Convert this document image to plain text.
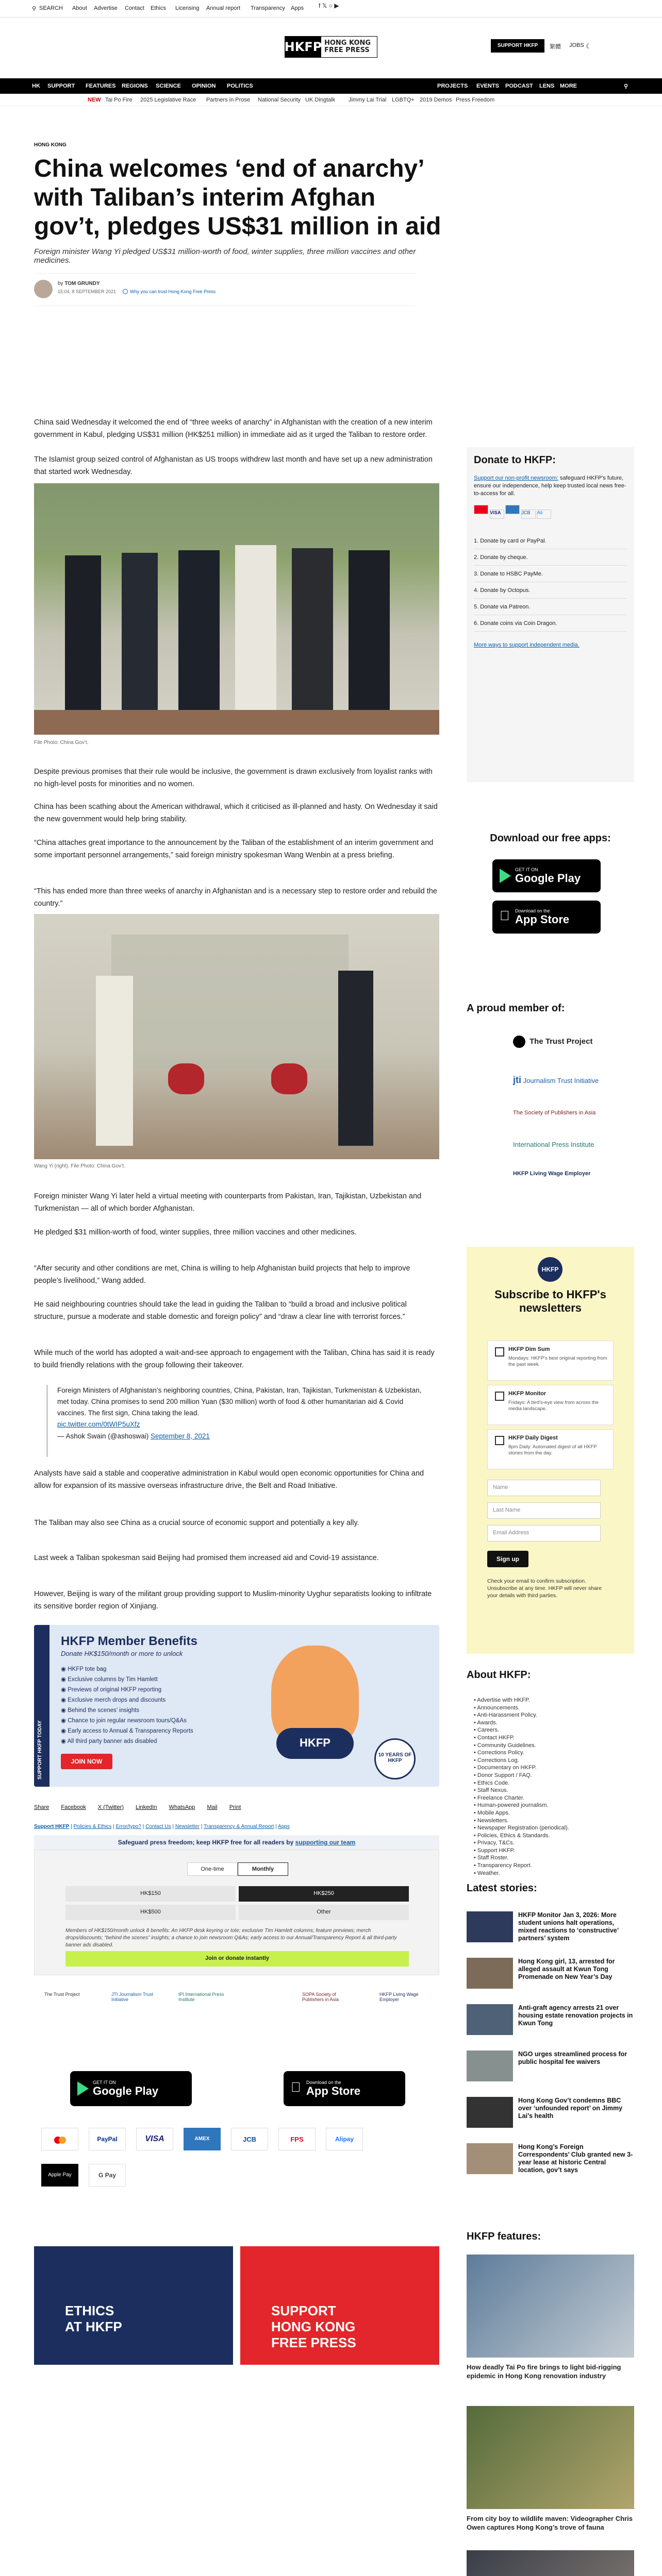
⚲ SEARCH About Advertise Contact Ethics Licensing Annual report Transparency Apps f 𝕏 ○ ▶
HKFP HONG KONG
FREE PRESS
SUPPORT HKFP	繁體 JOBS ☾
HK SUPPORT FEATURES REGIONS SCIENCE OPINION POLITICS	PROJECTS EVENTS PODCAST LENS MORE	⚲
NEW Tai Po Fire 2025 Legislative Race Partners in Prose National Security UK Dingtalk Jimmy Lai Trial LGBTQ+ 2019 Demos Press Freedom
HONG KONG
China welcomes ‘end of anarchy’ with Taliban’s interim Afghan gov’t, pledges US$31 million in aid

Foreign minister Wang Yi pledged US$31 million-worth of food, winter supplies, three million vaccines and other medicines.

by TOM GRUNDY
15:04, 8 SEPTEMBER 2021	Why you can trust Hong Kong Free Press

China said Wednesday it welcomed the end of “three weeks of anarchy” in Afghanistan with the creation of a new interim government in Kabul, pledging US$31 million (HK$251 million) in immediate aid as it urged the Taliban to restore order.

The Islamist group seized control of Afghanistan as US troops withdrew last month and have set up a new administration that started work Wednesday.

File Photo: China Gov’t.

Despite previous promises that their rule would be inclusive, the government is drawn exclusively from loyalist ranks with no high-level posts for minorities and no women.

China has been scathing about the American withdrawal, which it criticised as ill-planned and hasty. On Wednesday it said the new government would help bring stability.

“China attaches great importance to the announcement by the Taliban of the establishment of an interim government and some important personnel arrangements,” said foreign ministry spokesman Wang Wenbin at a press briefing.

“This has ended more than three weeks of anarchy in Afghanistan and is a necessary step to restore order and rebuild the country.”

Wang Yi (right). File Photo: China Gov’t.

Foreign minister Wang Yi later held a virtual meeting with counterparts from Pakistan, Iran, Tajikistan, Uzbekistan and Turkmenistan — all of which border Afghanistan.

He pledged $31 million-worth of food, winter supplies, three million vaccines and other medicines.

“After security and other conditions are met, China is willing to help Afghanistan build projects that help to improve people’s livelihood,” Wang added.

He said neighbouring countries should take the lead in guiding the Taliban to “build a broad and inclusive political structure, pursue a moderate and stable domestic and foreign policy” and “draw a clear line with terrorist forces.”

While much of the world has adopted a wait-and-see approach to engagement with the Taliban, China has said it is ready to build friendly relations with the group following their takeover.

Foreign Ministers of Afghanistan’s neighboring countries, China, Pakistan, Iran, Tajikistan, Turkmenistan & Uzbekistan, met today. China promises to send 200 million Yuan ($30 million) worth of food & other humanitarian aid & Covid vaccines. The first sign, China taking the lead.

pic.twitter.com/0tWIP5uXfz

— Ashok Swain (@ashoswai) September 8, 2021

Analysts have said a stable and cooperative administration in Kabul would open economic opportunities for China and allow for expansion of its massive overseas infrastructure drive, the Belt and Road Initiative.

The Taliban may also see China as a crucial source of economic support and potentially a key ally.

Last week a Taliban spokesman said Beijing had promised them increased aid and Covid-19 assistance.

However, Beijing is wary of the militant group providing support to Muslim-minority Uyghur separatists looking to infiltrate its sensitive border region of Xinjiang.

SUPPORT HKFP TODAY
HKFP Member Benefits
Donate HK$150/month or more to unlock
◉ HKFP tote bag
◉ Exclusive columns by Tim Hamlett
◉ Previews of original HKFP reporting
◉ Exclusive merch drops and discounts
◉ Behind the scenes’ insights
◉ Chance to join regular newsroom tours/Q&As
◉ Early access to Annual & Transparency Reports
◉ All third party banner ads disabled
JOIN NOW
HKFP
10 YEARS OF HKFP
Share Facebook X (Twitter) LinkedIn WhatsApp Mail Print
Support HKFP | Policies & Ethics | Error/typo? | Contact Us | Newsletter | Transparency & Annual Report | Apps
Safeguard press freedom; keep HKFP free for all readers by supporting our team
One-time	Monthly
HK$150	HK$250
HK$500	Other
Members of HK$150/month unlock 8 benefits: An HKFP desk keyring or tote; exclusive Tim Hamlett columns; feature previews; merch drops/discounts; “behind the scenes” insights; a chance to join newsroom Q&As; early access to our Annual/Transparency Report & all third-party banner ads disabled.
Join or donate instantly
The Trust Project	JTI Journalism Trust Initiative
IPI International Press Institute
SOPA Society of Publishers in Asia
HKFP Living Wage Employer
GET IT ON
Google Play
Download on the
App Store
PayPal	VISA	AMEX	JCB	FPS	Alipay
Apple Pay	G Pay
ETHICS
AT HKFP
SUPPORT
HONG KONG
FREE PRESS
Donate to HKFP:
Support our non-profit newsroom: safeguard HKFP's future, ensure our independence, help keep trusted local news free-to-access for all.
VISA	JCB Ali
1. Donate by card or PayPal.
2. Donate by cheque.
3. Donate to HSBC PayMe.
4. Donate by Octopus.
5. Donate via Patreon.
6. Donate coins via Coin Dragon.
More ways to support independent media.
Download our free apps:
GET IT ON
Google Play
Download on the
App Store
A proud member of:
The Trust Project
jti Journalism Trust Initiative
The Society of Publishers in Asia
International Press Institute
HKFP Living Wage Employer
HKFP
Subscribe to HKFP's newsletters
HKFP Dim Sum
Mondays: HKFP's best original reporting from the past week.
HKFP Monitor
Fridays: A bird's-eye view from across the media landscape.
HKFP Daily Digest
8pm Daily: Automated digest of all HKFP stories from the day.
Name
Last Name
Email Address
Sign up
Check your email to confirm subscription. Unsubscribe at any time. HKFP will never share your details with third parties.
About HKFP:
• Advertise with HKFP.
• Announcements.
• Anti-Harassment Policy.
• Awards.
• Careers.
• Contact HKFP.
• Community Guidelines.
• Corrections Policy.
• Corrections Log.
• Documentary on HKFP.
• Donor Support / FAQ.
• Ethics Code.
• Staff Nexus.
• Freelance Charter.
• Human-powered journalism.
• Mobile Apps.
• Newsletters.
• Newspaper Registration (periodical).
• Policies, Ethics & Standards.
• Privacy, T&Cs.
• Support HKFP.
• Staff Roster.
• Transparency Report.
• Weather.
Latest stories:
HKFP Monitor Jan 3, 2026: More student unions halt operations, mixed reactions to ‘constructive’ partners’ system
Hong Kong girl, 13, arrested for alleged assault at Kwun Tong Promenade on New Year’s Day
Anti-graft agency arrests 21 over housing estate renovation projects in Kwun Tong
NGO urges streamlined process for public hospital fee waivers
Hong Kong Gov’t condemns BBC over ‘unfounded report’ on Jimmy Lai’s health
Hong Kong’s Foreign Correspondents’ Club granted new 3-year lease at historic Central location, gov’t says
HKFP features:
How deadly Tai Po fire brings to light bid-rigging epidemic in Hong Kong renovation industry
From city boy to wildlife maven: Videographer Chris Owen captures Hong Kong’s trove of fauna
